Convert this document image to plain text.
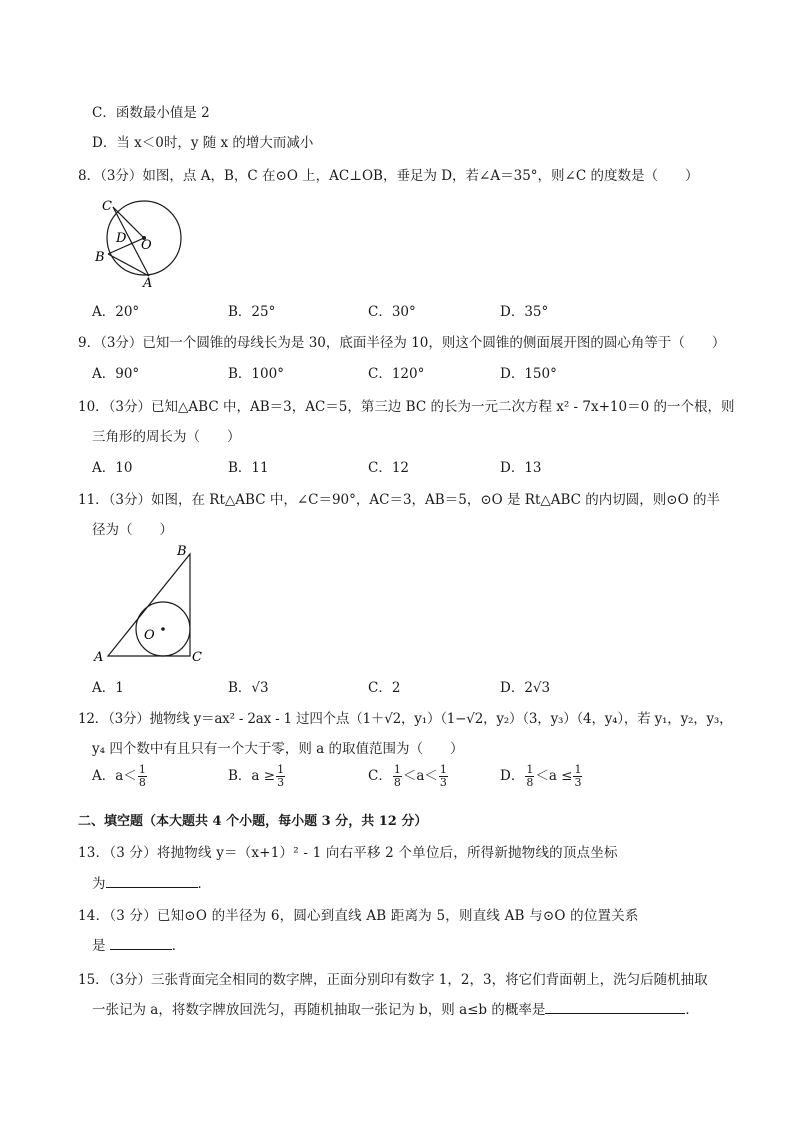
C．函数最小值是 2
D．当 x＜0时，y 随 x 的增大而减小
8．（3分）如图，点 A，B，C 在⊙O 上，AC⊥OB，垂足为 D，若∠A＝35°，则∠C 的度数是（　　）
C
D O
B
A
A．20°	B．25°	C．30°	D．35°
9．（3分）已知一个圆锥的母线长为是 30，底面半径为 10，则这个圆锥的侧面展开图的圆心角等于（　　）
A．90°	B．100°	C．120°	D．150°
10．（3分）已知△ABC 中，AB＝3，AC＝5，第三边 BC 的长为一元二次方程 x² - 7x+10＝0 的一个根，则
三角形的周长为（　　）
A．10	B．11	C．12	D．13
11．（3分）如图，在 Rt△ABC 中，∠C＝90°，AC＝3，AB＝5，⊙O 是 Rt△ABC 的内切圆，则⊙O 的半
径为（　　）
B
O
A	C
A．1	B．√3	C．2	D．2√3
12．（3分）抛物线 y＝ax² - 2ax - 1 过四个点（1＋√2，y₁）（1−√2，y₂）（3，y₃）（4，y₄），若 y₁，y₂，y₃，
y₄ 四个数中有且只有一个大于零，则 a 的取值范围为（　　）
A．$a< \frac{1}{8}$	B．$a \ge \frac{1}{3}$	C． $\frac{1}{8} <a< \frac{1}{3}$	D． $\frac{1}{8} <a \le \frac{1}{3}$
二、填空题（本大题共 4 个小题，每小题 3 分，共 12 分）
13．（3 分）将抛物线 y＝（x+1）² - 1 向右平移 2 个单位后，所得新抛物线的顶点坐标
为	．
14．（3 分）已知⊙O 的半径为 6，圆心到直线 AB 距离为 5，则直线 AB 与⊙O 的位置关系
是	．
15．（3分）三张背面完全相同的数字牌，正面分别印有数字 1，2，3，将它们背面朝上，洗匀后随机抽取
一张记为 a，将数字牌放回洗匀，再随机抽取一张记为 b，则 a≤b 的概率是	．
